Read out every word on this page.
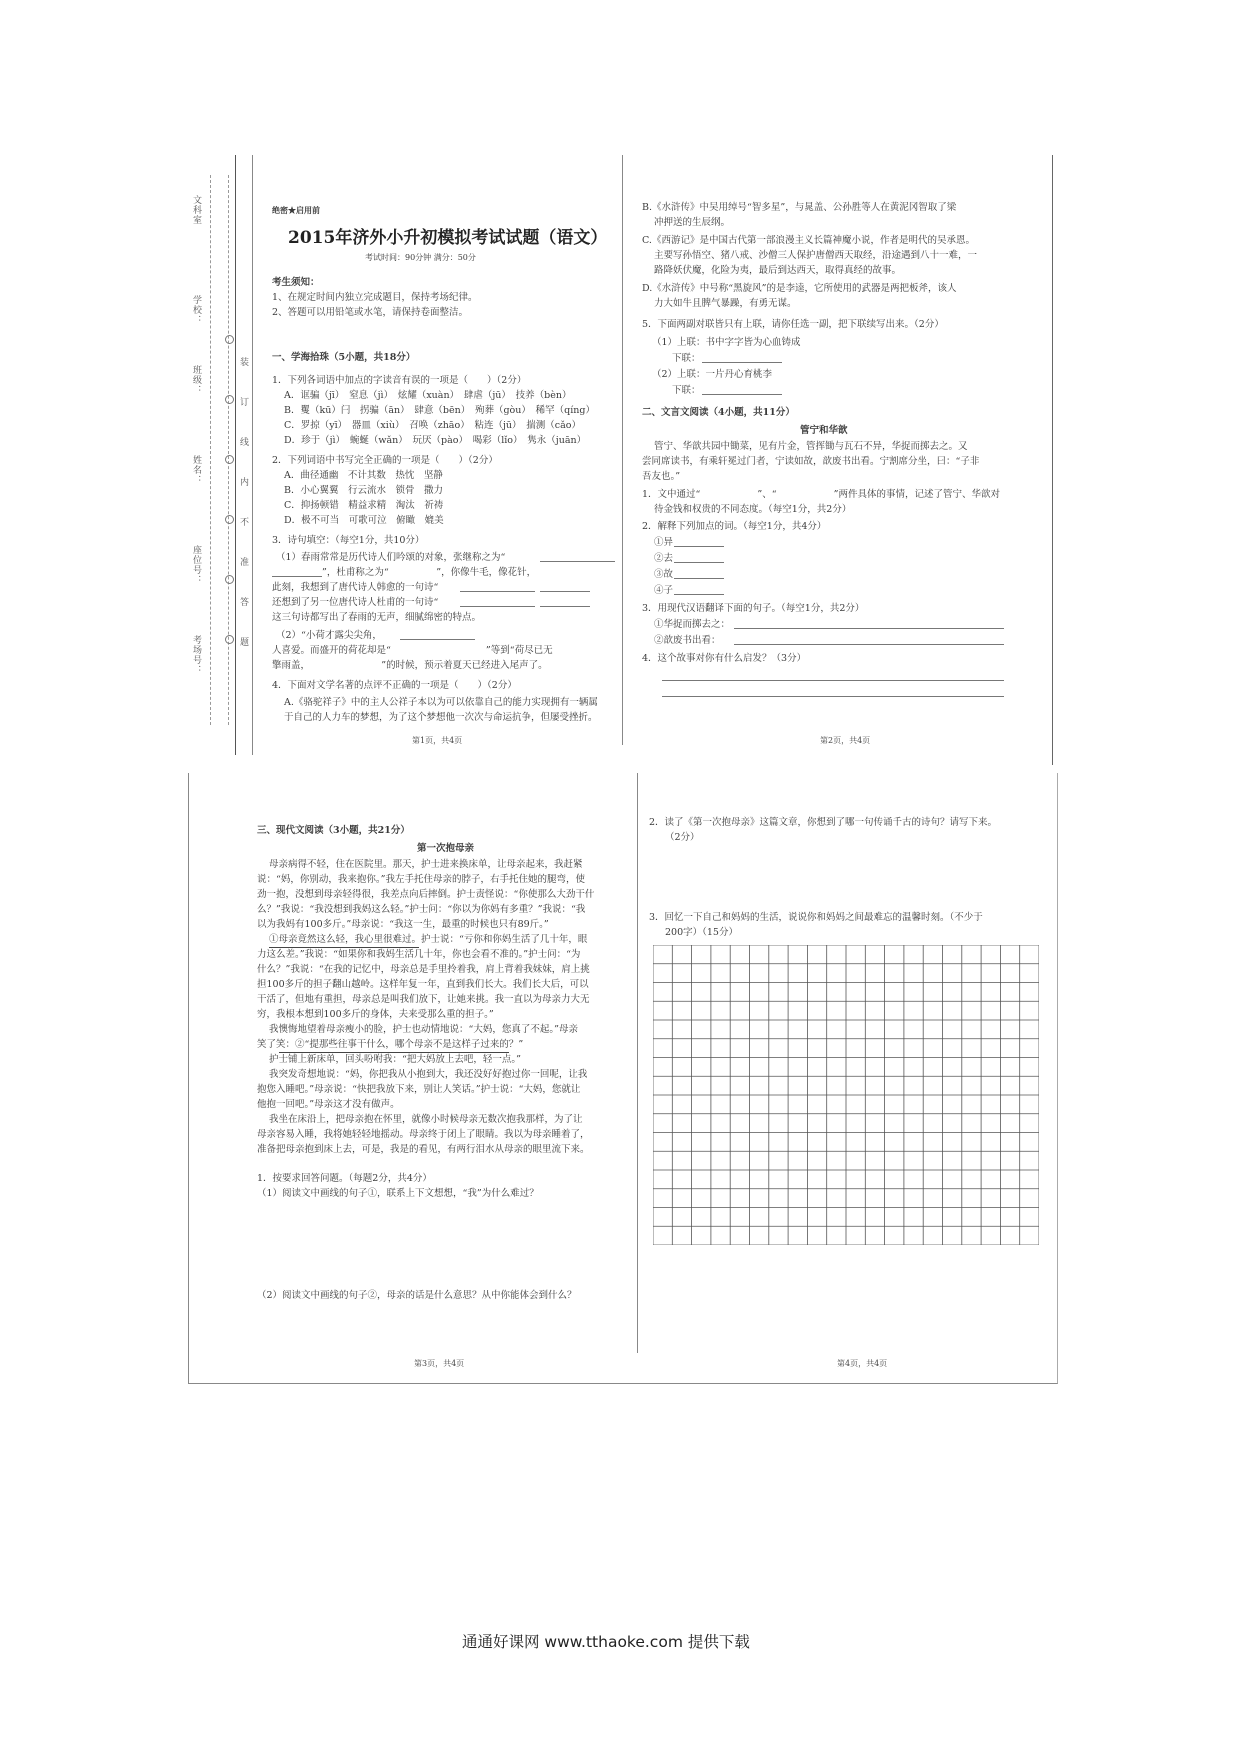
考场号：
座位号：
姓名：
班级：
学校：
文科室
装
订
线
内
不
准
答
题
绝密★启用前
2015年济外小升初模拟考试试题（语文）
考试时间：90分钟 满分：50分
考生须知：
1、在规定时间内独立完成题目，保持考场纪律。
2、答题可以用铅笔或水笔，请保持卷面整洁。
一、学海拾珠（5小题，共18分）
1．下列各词语中加点的字读音有误的一项是（　　）（2分）
A．诓骗（jī）　窒息（jì）　炫耀（xuàn）　肆虐（jū）　技养（bèn）
B．矍（kū）闩　拐骗（ān）　肆意（bēn）　殉葬（gòu）　稀罕（qíng）
C．罗掠（yī）　器皿（xiù）　召唤（zhāo）　粘连（jū）　揣测（cǎo）
D．珍于（jì）　蜿蜒（wǎn）　玩厌（pào）　喝彩（lǐo）　隽永（juān）
2．下列词语中书写完全正确的一项是（　　）（2分）
A．曲径通幽　不计其数　热忱　坚静
B．小心翼翼　行云流水　锁骨　撒力
C．抑扬顿错　精益求精　淘汰　祈祷
D．极不可当　可歌可泣　俯瞰　媲美
3．诗句填空：（每空1分，共10分）
（1）春雨常常是历代诗人们吟颂的对象，张继称之为“
”，杜甫称之为“　　　　　”，你像牛毛，像花针，
此刻，我想到了唐代诗人韩愈的一句诗“
还想到了另一位唐代诗人杜甫的一句诗“
这三句诗都写出了春雨的无声，细腻绵密的特点。
（2）“小荷才露尖尖角，
人喜爱。而盛开的荷花却是“　　　　　　　　　　”等到“荷尽已无
擎雨盖，　　　　　　　　”的时候，预示着夏天已经进入尾声了。
4．下面对文学名著的点评不正确的一项是（　　）（2分）
A.《骆驼祥子》中的主人公祥子本以为可以依靠自己的能力实现拥有一辆属
于自己的人力车的梦想，为了这个梦想他一次次与命运抗争，但屡受挫折。
第1页，共4页
B.《水浒传》中吴用绰号“智多星”，与晁盖、公孙胜等人在黄泥冈智取了梁
冲押送的生辰纲。
C.《西游记》是中国古代第一部浪漫主义长篇神魔小说，作者是明代的吴承恩。
主要写孙悟空、猪八戒、沙僧三人保护唐僧西天取经，沿途遇到八十一难，一
路降妖伏魔，化险为夷，最后到达西天，取得真经的故事。
D.《水浒传》中号称“黑旋风”的是李逵，它所使用的武器是两把板斧，该人
力大如牛且脾气暴躁，有勇无谋。
5．下面两副对联皆只有上联，请你任选一副，把下联续写出来。（2分）
（1）上联：书中字字皆为心血铸成
下联：
（2）上联：一片丹心育桃李
下联：
二、文言文阅读（4小题，共11分）
管宁和华歆
管宁、华歆共园中锄菜，见有片金，管挥锄与瓦石不异，华捉而掷去之。又
尝同席读书，有乘轩冕过门者，宁读如故，歆废书出看。宁割席分坐，曰：“子非
吾友也。”
1．文中通过“　　　　　　”、“　　　　　　”两件具体的事情，记述了管宁、华歆对
待金钱和权贵的不同态度。（每空1分，共2分）
2．解释下列加点的词。（每空1分，共4分）
①异
②去
③故
④子
3．用现代汉语翻译下面的句子。（每空1分，共2分）
①华捉而掷去之：
②歆废书出看：
4．这个故事对你有什么启发？（3分）
第2页，共4页
三、现代文阅读（3小题，共21分）
第一次抱母亲
母亲病得不轻，住在医院里。那天，护士进来换床单，让母亲起来，我赶紧
说：“妈，你别动，我来抱你。”我左手托住母亲的脖子，右手托住她的腿弯，使
劲一抱，没想到母亲轻得很，我差点向后摔倒。护士责怪说：“你使那么大劲干什
么？”我说：“我没想到我妈这么轻。”护士问：“你以为你妈有多重？”我说：“我
以为我妈有100多斤。”母亲说：“我这一生，最重的时候也只有89斤。”
①母亲竟然这么轻，我心里很难过。护士说：“亏你和你妈生活了几十年，眼
力这么差。”我说：“如果你和我妈生活几十年，你也会看不准的。”护士问：“为
什么？”我说：“在我的记忆中，母亲总是手里拎着我，肩上背着我妹妹，肩上挑
担100多斤的担子翻山越岭。这样年复一年，直到我们长大。我们长大后，可以
干活了，但地有重担，母亲总是叫我们放下，让她来挑。我一直以为母亲力大无
穷，我根本想到100多斤的身体，夫来受那么重的担子。”
我懊悔地望着母亲瘦小的脸，护士也动情地说：“大妈，您真了不起。”母亲
笑了笑：②“提那些往事干什么，哪个母亲不是这样子过来的？”
护士铺上新床单，回头吩咐我：“把大妈放上去吧，轻一点。”
我突发奇想地说：“妈，你把我从小抱到大，我还没好好抱过你一回呢，让我
抱您入睡吧。”母亲说：“快把我放下来，别让人笑话。”护士说：“大妈，您就让
他抱一回吧。”母亲这才没有做声。
我坐在床沿上，把母亲抱在怀里，就像小时候母亲无数次抱我那样，为了让
母亲容易入睡，我将她轻轻地摇动。母亲终于闭上了眼睛。我以为母亲睡着了，
准备把母亲抱到床上去，可是，我是的看见，有两行泪水从母亲的眼里流下来。
1．按要求回答问题。（每题2分，共4分）
（1）阅读文中画线的句子①，联系上下文想想，“我”为什么难过？
（2）阅读文中画线的句子②，母亲的话是什么意思？从中你能体会到什么？
第3页，共4页
2．读了《第一次抱母亲》这篇文章，你想到了哪一句传诵千古的诗句？请写下来。
（2分）
3．回忆一下自己和妈妈的生活，说说你和妈妈之间最难忘的温馨时刻。（不少于
200字）（15分）
第4页，共4页
通通好课网 www.tthaoke.com 提供下载
